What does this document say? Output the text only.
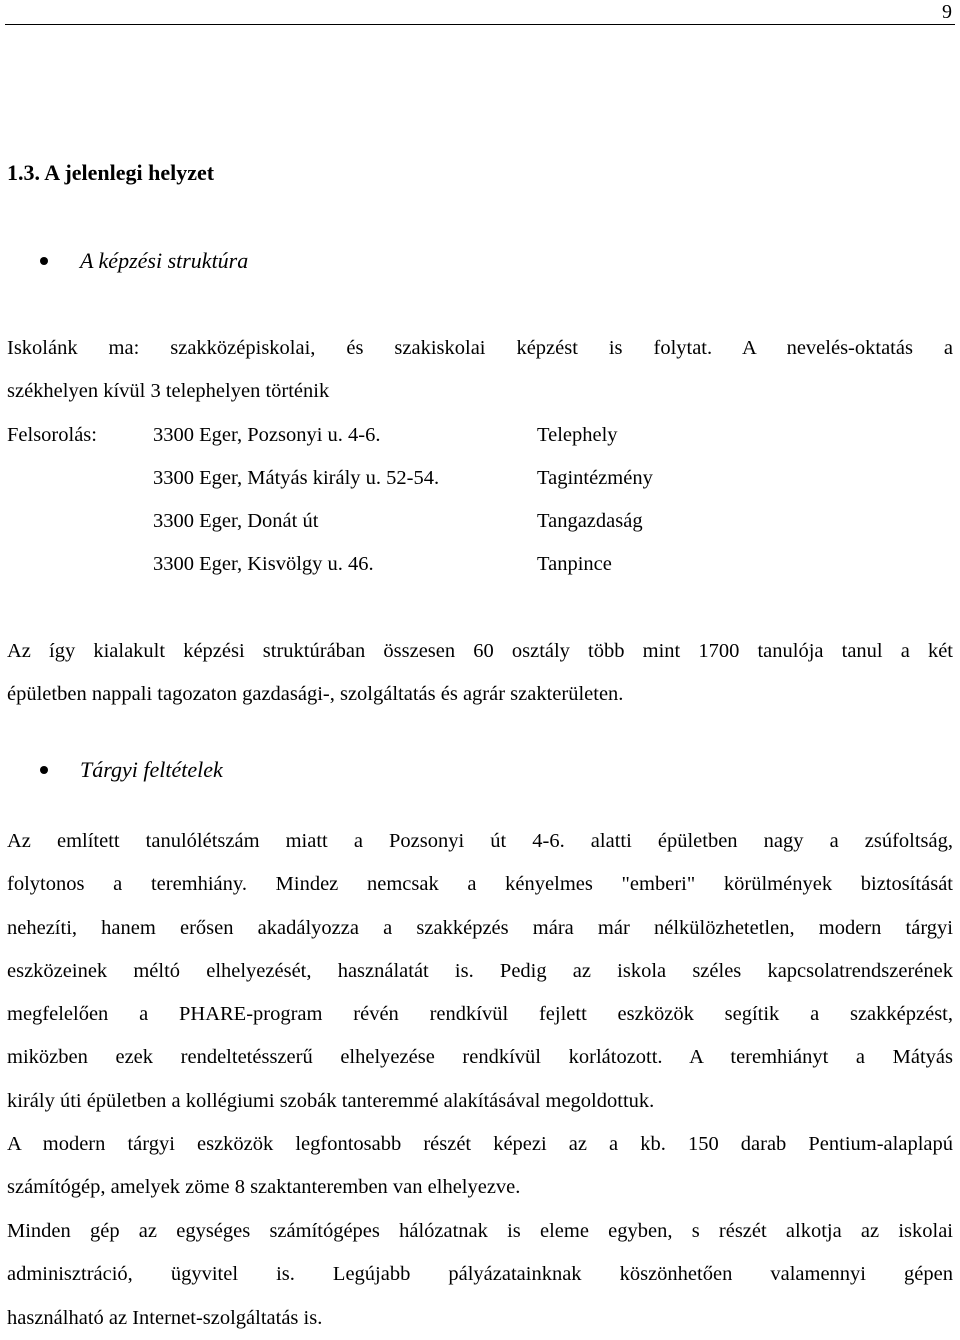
9
1.3. A jelenlegi helyzet
A képzési struktúra
Iskolánk ma: szakközépiskolai, és szakiskolai képzést is folytat. A nevelés-oktatás a
székhelyen kívül 3 telephelyen történik
Felsorolás:	3300 Eger, Pozsonyi u. 4-6.	Telephely
3300 Eger, Mátyás király u. 52-54.	Tagintézmény
3300 Eger, Donát út	Tangazdaság
3300 Eger, Kisvölgy u. 46.	Tanpince
Az így kialakult képzési struktúrában összesen 60 osztály több mint 1700 tanulója tanul a két
épületben nappali tagozaton gazdasági-, szolgáltatás és agrár szakterületen.
Tárgyi feltételek
Az említett tanulólétszám miatt a Pozsonyi út 4-6. alatti épületben nagy a zsúfoltság,
folytonos a teremhiány. Mindez nemcsak a kényelmes "emberi" körülmények biztosítását
nehezíti, hanem erősen akadályozza a szakképzés mára már nélkülözhetetlen, modern tárgyi
eszközeinek méltó elhelyezését, használatát is. Pedig az iskola széles kapcsolatrendszerének
megfelelően a PHARE-program révén rendkívül fejlett eszközök segítik a szakképzést,
miközben ezek rendeltetésszerű elhelyezése rendkívül korlátozott. A teremhiányt a Mátyás
király úti épületben a kollégiumi szobák tanteremmé alakításával megoldottuk.
A modern tárgyi eszközök legfontosabb részét képezi az a kb. 150 darab Pentium-alaplapú
számítógép, amelyek zöme 8 szaktanteremben van elhelyezve.
Minden gép az egységes számítógépes hálózatnak is eleme egyben, s részét alkotja az iskolai
adminisztráció, ügyvitel is. Legújabb pályázatainknak köszönhetően valamennyi gépen
használható az Internet-szolgáltatás is.
